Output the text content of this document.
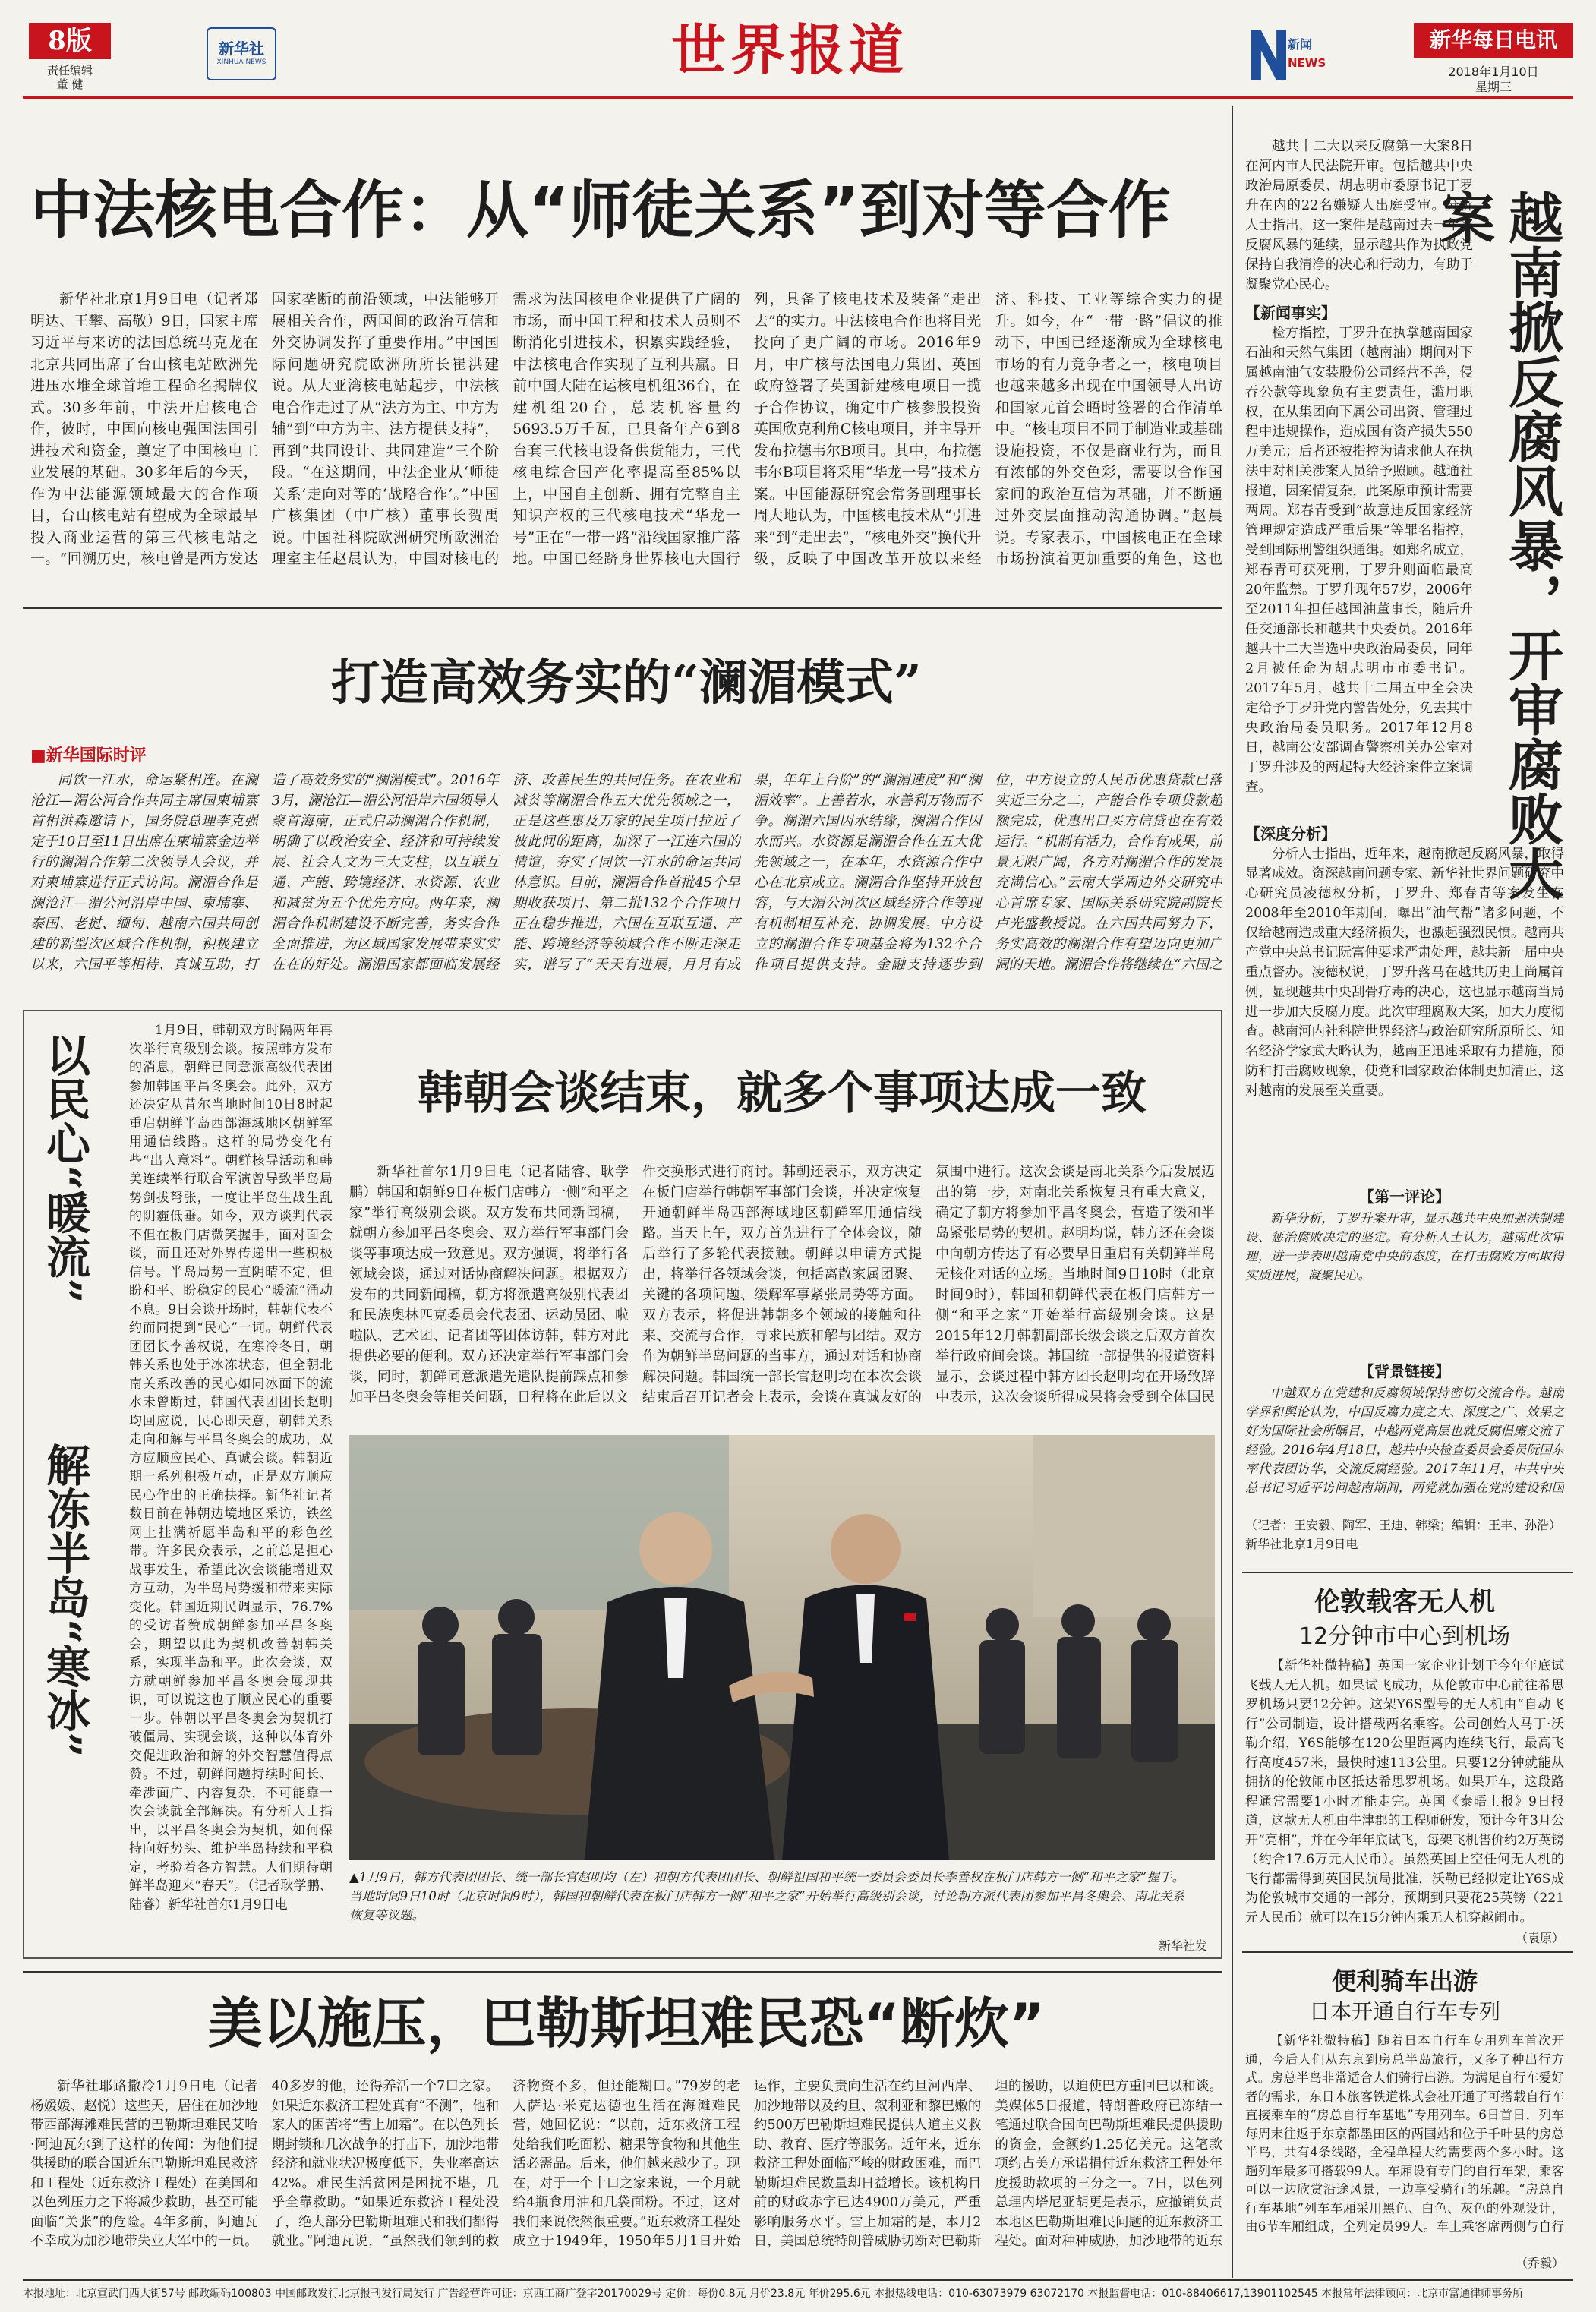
8版
责任编辑
董 健
新华社
XINHUA NEWS	世界报道	新闻
NEWS
新华每日电讯
2018年1月10日
星期三
中法核电合作：从“师徒关系”到对等合作
新华社北京1月9日电（记者郑明达、王攀、高敬）9日，国家主席习近平与来访的法国总统马克龙在北京共同出席了台山核电站欧洲先进压水堆全球首堆工程命名揭牌仪式。30多年前，中法开启核电合作，彼时，中国向核电强国法国引进技术和资金，奠定了中国核电工业发展的基础。30多年后的今天，作为中法能源领域最大的合作项目，台山核电站有望成为全球最早投入商业运营的第三代核电站之一。“回溯历史，核电曾是西方发达国家垄断的前沿领域，中法能够开展相关合作，两国间的政治互信和外交协调发挥了重要作用。”中国国际问题研究院欧洲所所长崔洪建说。从大亚湾核电站起步，中法核电合作走过了从“法方为主、中方为辅”到“中方为主、法方提供支持”，再到“共同设计、共同建造”三个阶段。“在这期间，中法企业从‘师徒关系’走向对等的‘战略合作’。”中国广核集团（中广核）董事长贺禹说。中国社科院欧洲研究所欧洲治理室主任赵晨认为，中国对核电的需求为法国核电企业提供了广阔的市场，而中国工程和技术人员则不断消化引进技术，积累实践经验，中法核电合作实现了互利共赢。日前中国大陆在运核电机组36台，在建机组20台，总装机容量约5693.5万千瓦，已具备年产6到8台套三代核电设备供货能力，三代核电综合国产化率提高至85%以上，中国自主创新、拥有完整自主知识产权的三代核电技术“华龙一号”正在“一带一路”沿线国家推广落地。中国已经跻身世界核电大国行列，具备了核电技术及装备“走出去”的实力。中法核电合作也将目光投向了更广阔的市场。2016年9月，中广核与法国电力集团、英国政府签署了英国新建核电项目一揽子合作协议，确定中广核参股投资英国欣克利角C核电项目，并主导开发布拉德韦尔B项目。其中，布拉德韦尔B项目将采用“华龙一号”技术方案。中国能源研究会常务副理事长周大地认为，中国核电技术从“引进来”到“走出去”，“核电外交”换代升级，反映了中国改革开放以来经济、科技、工业等综合实力的提升。如今，在“一带一路”倡议的推动下，中国已经逐渐成为全球核电市场的有力竞争者之一，核电项目也越来越多出现在中国领导人出访和国家元首会晤时签署的合作清单中。“核电项目不同于制造业或基础设施投资，不仅是商业行为，而且有浓郁的外交色彩，需要以合作国家间的政治互信为基础，并不断通过外交层面推动沟通协调。”赵晨说。专家表示，中国核电正在全球市场扮演着更加重要的角色，这也
打造高效务实的“澜湄模式”
■新华国际时评
同饮一江水，命运紧相连。在澜沧江—湄公河合作共同主席国柬埔寨首相洪森邀请下，国务院总理李克强定于10日至11日出席在柬埔寨金边举行的澜湄合作第二次领导人会议，并对柬埔寨进行正式访问。澜湄合作是澜沧江—湄公河沿岸中国、柬埔寨、泰国、老挝、缅甸、越南六国共同创建的新型次区域合作机制，积极建立以来，六国平等相待、真诚互助，打造了高效务实的“澜湄模式”。2016年3月，澜沧江—湄公河沿岸六国领导人聚首海南，正式启动澜湄合作机制，明确了以政治安全、经济和可持续发展、社会人文为三大支柱，以互联互通、产能、跨境经济、水资源、农业和减贫为五个优先方向。两年来，澜湄合作机制建设不断完善，务实合作全面推进，为区域国家发展带来实实在在的好处。澜湄国家都面临发展经济、改善民生的共同任务。在农业和减贫等澜湄合作五大优先领域之一，正是这些惠及万家的民生项目拉近了彼此间的距离，加深了一江连六国的情谊，夯实了同饮一江水的命运共同体意识。目前，澜湄合作首批45个早期收获项目、第二批132个合作项目正在稳步推进，六国在互联互通、产能、跨境经济等领域合作不断走深走实，谱写了“天天有进展，月月有成果，年年上台阶”的“澜湄速度”和“澜湄效率”。上善若水，水善利万物而不争。澜湄六国因水结缘，澜湄合作因水而兴。水资源是澜湄合作在五大优先领域之一，在本年，水资源合作中心在北京成立。澜湄合作坚持开放包容，与大湄公河次区域经济合作等现有机制相互补充、协调发展。中方设立的澜湄合作专项基金将为132个合作项目提供支持。金融支持逐步到位，中方设立的人民币优惠贷款已落实近三分之二，产能合作专项贷款超额完成，优惠出口买方信贷也在有效运行。“机制有活力，合作有成果，前景无限广阔，各方对澜湄合作的发展充满信心。”云南大学周边外交研究中心首席专家、国际关系研究院副院长卢光盛教授说。在六国共同努力下，务实高效的澜湄合作有望迈向更加广阔的天地。澜湄合作将继续在“六国之
以民心“暖流”
解冻半岛“寒冰”
1月9日，韩朝双方时隔两年再次举行高级别会谈。按照韩方发布的消息，朝鲜已同意派高级代表团参加韩国平昌冬奥会。此外，双方还决定从昔尔当地时间10日8时起重启朝鲜半岛西部海域地区朝鲜军用通信线路。这样的局势变化有些“出人意料”。朝鲜核导活动和韩美连续举行联合军演曾导致半岛局势剑拔弩张，一度让半岛生战生乱的阴霾低垂。如今，双方谈判代表不但在板门店微笑握手，面对面会谈，而且还对外界传递出一些积极信号。半岛局势一直阴晴不定，但盼和平、盼稳定的民心“暖流”涌动不息。9日会谈开场时，韩朝代表不约而同提到“民心”一词。朝鲜代表团团长李善权说，在寒冷冬日，朝韩关系也处于冰冻状态，但全朝北南关系改善的民心如同冰面下的流水未曾断过，韩国代表团团长赵明均回应说，民心即天意，朝韩关系走向和解与平昌冬奥会的成功，双方应顺应民心、真诚会谈。韩朝近期一系列积极互动，正是双方顺应民心作出的正确抉择。新华社记者数日前在韩朝边境地区采访，铁丝网上挂满祈愿半岛和平的彩色丝带。许多民众表示，之前总是担心战事发生，希望此次会谈能增进双方互动，为半岛局势缓和带来实际变化。韩国近期民调显示，76.7%的受访者赞成朝鲜参加平昌冬奥会，期望以此为契机改善朝韩关系，实现半岛和平。此次会谈，双方就朝鲜参加平昌冬奥会展现共识，可以说这也了顺应民心的重要一步。韩朝以平昌冬奥会为契机打破僵局、实现会谈，这种以体育外交促进政治和解的外交智慧值得点赞。不过，朝鲜问题持续时间长、牵涉面广、内容复杂，不可能靠一次会谈就全部解决。有分析人士指出，以平昌冬奥会为契机，如何保持向好势头、维护半岛持续和平稳定，考验着各方智慧。人们期待朝鲜半岛迎来“春天”。（记者耿学鹏、陆睿）新华社首尔1月9日电
韩朝会谈结束，就多个事项达成一致
新华社首尔1月9日电（记者陆睿、耿学鹏）韩国和朝鲜9日在板门店韩方一侧“和平之家”举行高级别会谈。双方发布共同新闻稿，就朝方参加平昌冬奥会、双方举行军事部门会谈等事项达成一致意见。双方强调，将举行各领域会谈，通过对话协商解决问题。根据双方发布的共同新闻稿，朝方将派遣高级别代表团和民族奥林匹克委员会代表团、运动员团、啦啦队、艺术团、记者团等团体访韩，韩方对此提供必要的便利。双方还决定举行军事部门会谈，同时，朝鲜同意派遣先遣队提前踩点和参加平昌冬奥会等相关问题，日程将在此后以文件交换形式进行商讨。韩朝还表示，双方决定在板门店举行韩朝军事部门会谈，并决定恢复开通朝鲜半岛西部海域地区朝鲜军用通信线路。当天上午，双方首先进行了全体会议，随后举行了多轮代表接触。朝鲜以申请方式提出，将举行各领域会谈，包括离散家属团聚、关键的各项问题、缓解军事紧张局势等方面。双方表示，将促进韩朝多个领域的接触和往来、交流与合作，寻求民族和解与团结。双方作为朝鲜半岛问题的当事方，通过对话和协商解决问题。韩国统一部长官赵明均在本次会谈结束后召开记者会上表示，会谈在真诚友好的氛围中进行。这次会谈是南北关系今后发展迈出的第一步，对南北关系恢复具有重大意义，确定了朝方将参加平昌冬奥会，营造了缓和半岛紧张局势的契机。赵明均说，韩方还在会谈中向朝方传达了有必要早日重启有关朝鲜半岛无核化对话的立场。当地时间9日10时（北京时间9时），韩国和朝鲜代表在板门店韩方一侧“和平之家”开始举行高级别会谈。这是2015年12月韩朝副部长级会谈之后双方首次举行政府间会谈。韩国统一部提供的报道资料显示，会谈过程中韩方团长赵明均在开场致辞中表示，这次会谈所得成果将会受到全体国民
▲1月9日，韩方代表团团长、统一部长官赵明均（左）和朝方代表团团长、朝鲜祖国和平统一委员会委员长李善权在板门店韩方一侧“和平之家”握手。当地时间9日10时（北京时间9时），韩国和朝鲜代表在板门店韩方一侧“和平之家”开始举行高级别会谈，讨论朝方派代表团参加平昌冬奥会、南北关系恢复等议题。
新华社发
美以施压，巴勒斯坦难民恐“断炊”
新华社耶路撒冷1月9日电（记者杨媛媛、赵悦）这些天，居住在加沙地带西部海滩难民营的巴勒斯坦难民艾哈·阿迪瓦尔到了这样的传闻：为他们提供援助的联合国近东巴勒斯坦难民救济和工程处（近东救济工程处）在美国和以色列压力之下将减少救助，甚至可能面临“关张”的危险。4年多前，阿迪瓦不幸成为加沙地带失业大军中的一员。40多岁的他，还得养活一个7口之家。如果近东救济工程处真有“不测”，他和家人的困苦将“雪上加霜”。在以色列长期封锁和几次战争的打击下，加沙地带经济和就业状况极度低下，失业率高达42%。难民生活贫困是困扰不堪，几乎全靠救助。“如果近东救济工程处没了，绝大部分巴勒斯坦难民和我们都得就业。”阿迪瓦说，“虽然我们领到的救济物资不多，但还能糊口。”79岁的老人萨达·米克达德也生活在海滩难民营，她回忆说：“以前，近东救济工程处给我们吃面粉、糖果等食物和其他生活必需品。后来，他们越来越少了。现在，对于一个十口之家来说，一个月就给4瓶食用油和几袋面粉。不过，这对我们来说依然很重要。”近东救济工程处成立于1949年，1950年5月1日开始运作，主要负责向生活在约旦河西岸、加沙地带以及约旦、叙利亚和黎巴嫩的约500万巴勒斯坦难民提供人道主义救助、教育、医疗等服务。近年来，近东救济工程处面临严峻的财政困难，而巴勒斯坦难民数量却日益增长。该机构目前的财政赤字已达4900万美元，严重影响服务水平。雪上加霜的是，本月2日，美国总统特朗普威胁切断对巴勒斯坦的援助，以迫使巴方重回巴以和谈。美媒体5日报道，特朗普政府已冻结一笔通过联合国向巴勒斯坦难民提供援助的资金，金额约1.25亿美元。这笔款项约占美方承诺捐付近东救济工程处年度援助款项的三分之一。7日，以色列总理内塔尼亚胡更是表示，应撤销负责本地区巴勒斯坦难民问题的近东救济工程处。面对种种威胁，加沙地带的近东
越共十二大以来反腐第一大案8日在河内市人民法院开审。包括越共中央政治局原委员、胡志明市委原书记丁罗升在内的22名嫌疑人出庭受审。分析人士指出，这一案件是越南过去一年来反腐风暴的延续，显示越共作为执政党保持自我清净的决心和行动力，有助于凝聚党心民心。	越南掀反腐风暴，开审腐败大案
【新闻事实】
检方指控，丁罗升在执掌越南国家石油和天然气集团（越南油）期间对下属越南油气安装股份公司经营不善，侵吞公款等现象负有主要责任，滥用职权，在从集团向下属公司出资、管理过程中违规操作，造成国有资产损失550万美元；后者还被指控为请求他人在执法中对相关涉案人员给予照顾。越通社报道，因案情复杂，此案原审预计需要两周。郑春青受到“故意违反国家经济管理规定造成严重后果”等罪名指控，受到国际刑警组织通缉。如郑名成立，郑春青可获死刑，丁罗升则面临最高20年监禁。丁罗升现年57岁，2006年至2011年担任越国油董事长，随后升任交通部长和越共中央委员。2016年越共十二大当选中央政治局委员，同年2月被任命为胡志明市市委书记。2017年5月，越共十二届五中全会决定给予丁罗升党内警告处分，免去其中央政治局委员职务。2017年12月8日，越南公安部调查警察机关办公室对丁罗升涉及的两起特大经济案件立案调查。
【深度分析】
分析人士指出，近年来，越南掀起反腐风暴，取得显著成效。资深越南问题专家、新华社世界问题研究中心研究员凌德权分析，丁罗升、郑春青等案发生在2008年至2010年期间，曝出“油气帮”诸多问题，不仅给越南造成重大经济损失，也激起强烈民愤。越南共产党中央总书记阮富仲要求严肃处理，越共新一届中央重点督办。凌德权说，丁罗升落马在越共历史上尚属首例，显现越共中央刮骨疗毒的决心，这也显示越南当局进一步加大反腐力度。此次审理腐败大案，加大力度彻查。越南河内社科院世界经济与政治研究所原所长、知名经济学家武大略认为，越南正迅速采取有力措施，预防和打击腐败现象，使党和国家政治体制更加清正，这对越南的发展至关重要。
【第一评论】
新华分析，丁罗升案开审，显示越共中央加强法制建设、惩治腐败决定的坚定。有分析人士认为，越南此次审理，进一步表明越南党中央的态度，在打击腐败方面取得实质进展，凝聚民心。
【背景链接】
中越双方在党建和反腐领域保持密切交流合作。越南学界和舆论认为，中国反腐力度之大、深度之广、效果之好为国际社会所瞩目，中越两党高层也就反腐倡廉交流了经验。2016年4月18日，越共中央检查委员会委员阮国东率代表团访华，交流反腐经验。2017年11月，中共中央总书记习近平访问越南期间，两党就加强在党的建设和国
（记者：王安毅、陶军、王迪、韩梁；编辑：王丰、孙浩）新华社北京1月9日电
伦敦载客无人机
12分钟市中心到机场
【新华社微特稿】英国一家企业计划于今年年底试飞载人无人机。如果试飞成功，从伦敦市中心前往希思罗机场只要12分钟。这架Y6S型号的无人机由“自动飞行”公司制造，设计搭载两名乘客。公司创始人马丁·沃勒介绍，Y6S能够在120公里距离内连续飞行，最高飞行高度457米，最快时速113公里。只要12分钟就能从拥挤的伦敦闹市区抵达希思罗机场。如果开车，这段路程通常需要1小时才能走完。英国《泰晤士报》9日报道，这款无人机由牛津郡的工程师研发，预计今年3月公开“亮相”，并在今年年底试飞，每架飞机售价约2万英镑（约合17.6万元人民币）。虽然英国上空任何无人机的飞行都需得到英国民航局批准，沃勒已经拟定让Y6S成为伦敦城市交通的一部分，预期到只要花25英镑（221元人民币）就可以在15分钟内乘无人机穿越闹市。
（袁原）
便利骑车出游
日本开通自行车专列
【新华社微特稿】随着日本自行车专用列车首次开通，今后人们从东京到房总半岛旅行，又多了种出行方式。房总半岛非常适合人们骑行出游。为满足自行车爱好者的需求，东日本旅客铁道株式会社开通了可搭载自行车直接乘车的“房总自行车基地”专用列车。6日首日，列车每周末往返于东京都墨田区的两国站和位于千叶县的房总半岛，共有4条线路，全程单程大约需要两个多小时。这趟列车最多可搭载99人。车厢设有专门的自行车架，乘客可以一边欣赏沿途风景，一边享受骑行的乐趣。“房总自行车基地”列车车厢采用黑色、白色、灰色的外观设计，由6节车厢组成，全列定员99人。车上乘客席两侧与自行
（乔毅）
本报地址：北京宣武门西大街57号 邮政编码100803 中国邮政发行北京报刊发行局发行 广告经营许可证：京西工商广登字20170029号 定价：每份0.8元 月价23.8元 年价295.6元 本报热线电话：010-63073979 63072170 本报监督电话：010-88406617,13901102545 本报常年法律顾问：北京市富通律师事务所
